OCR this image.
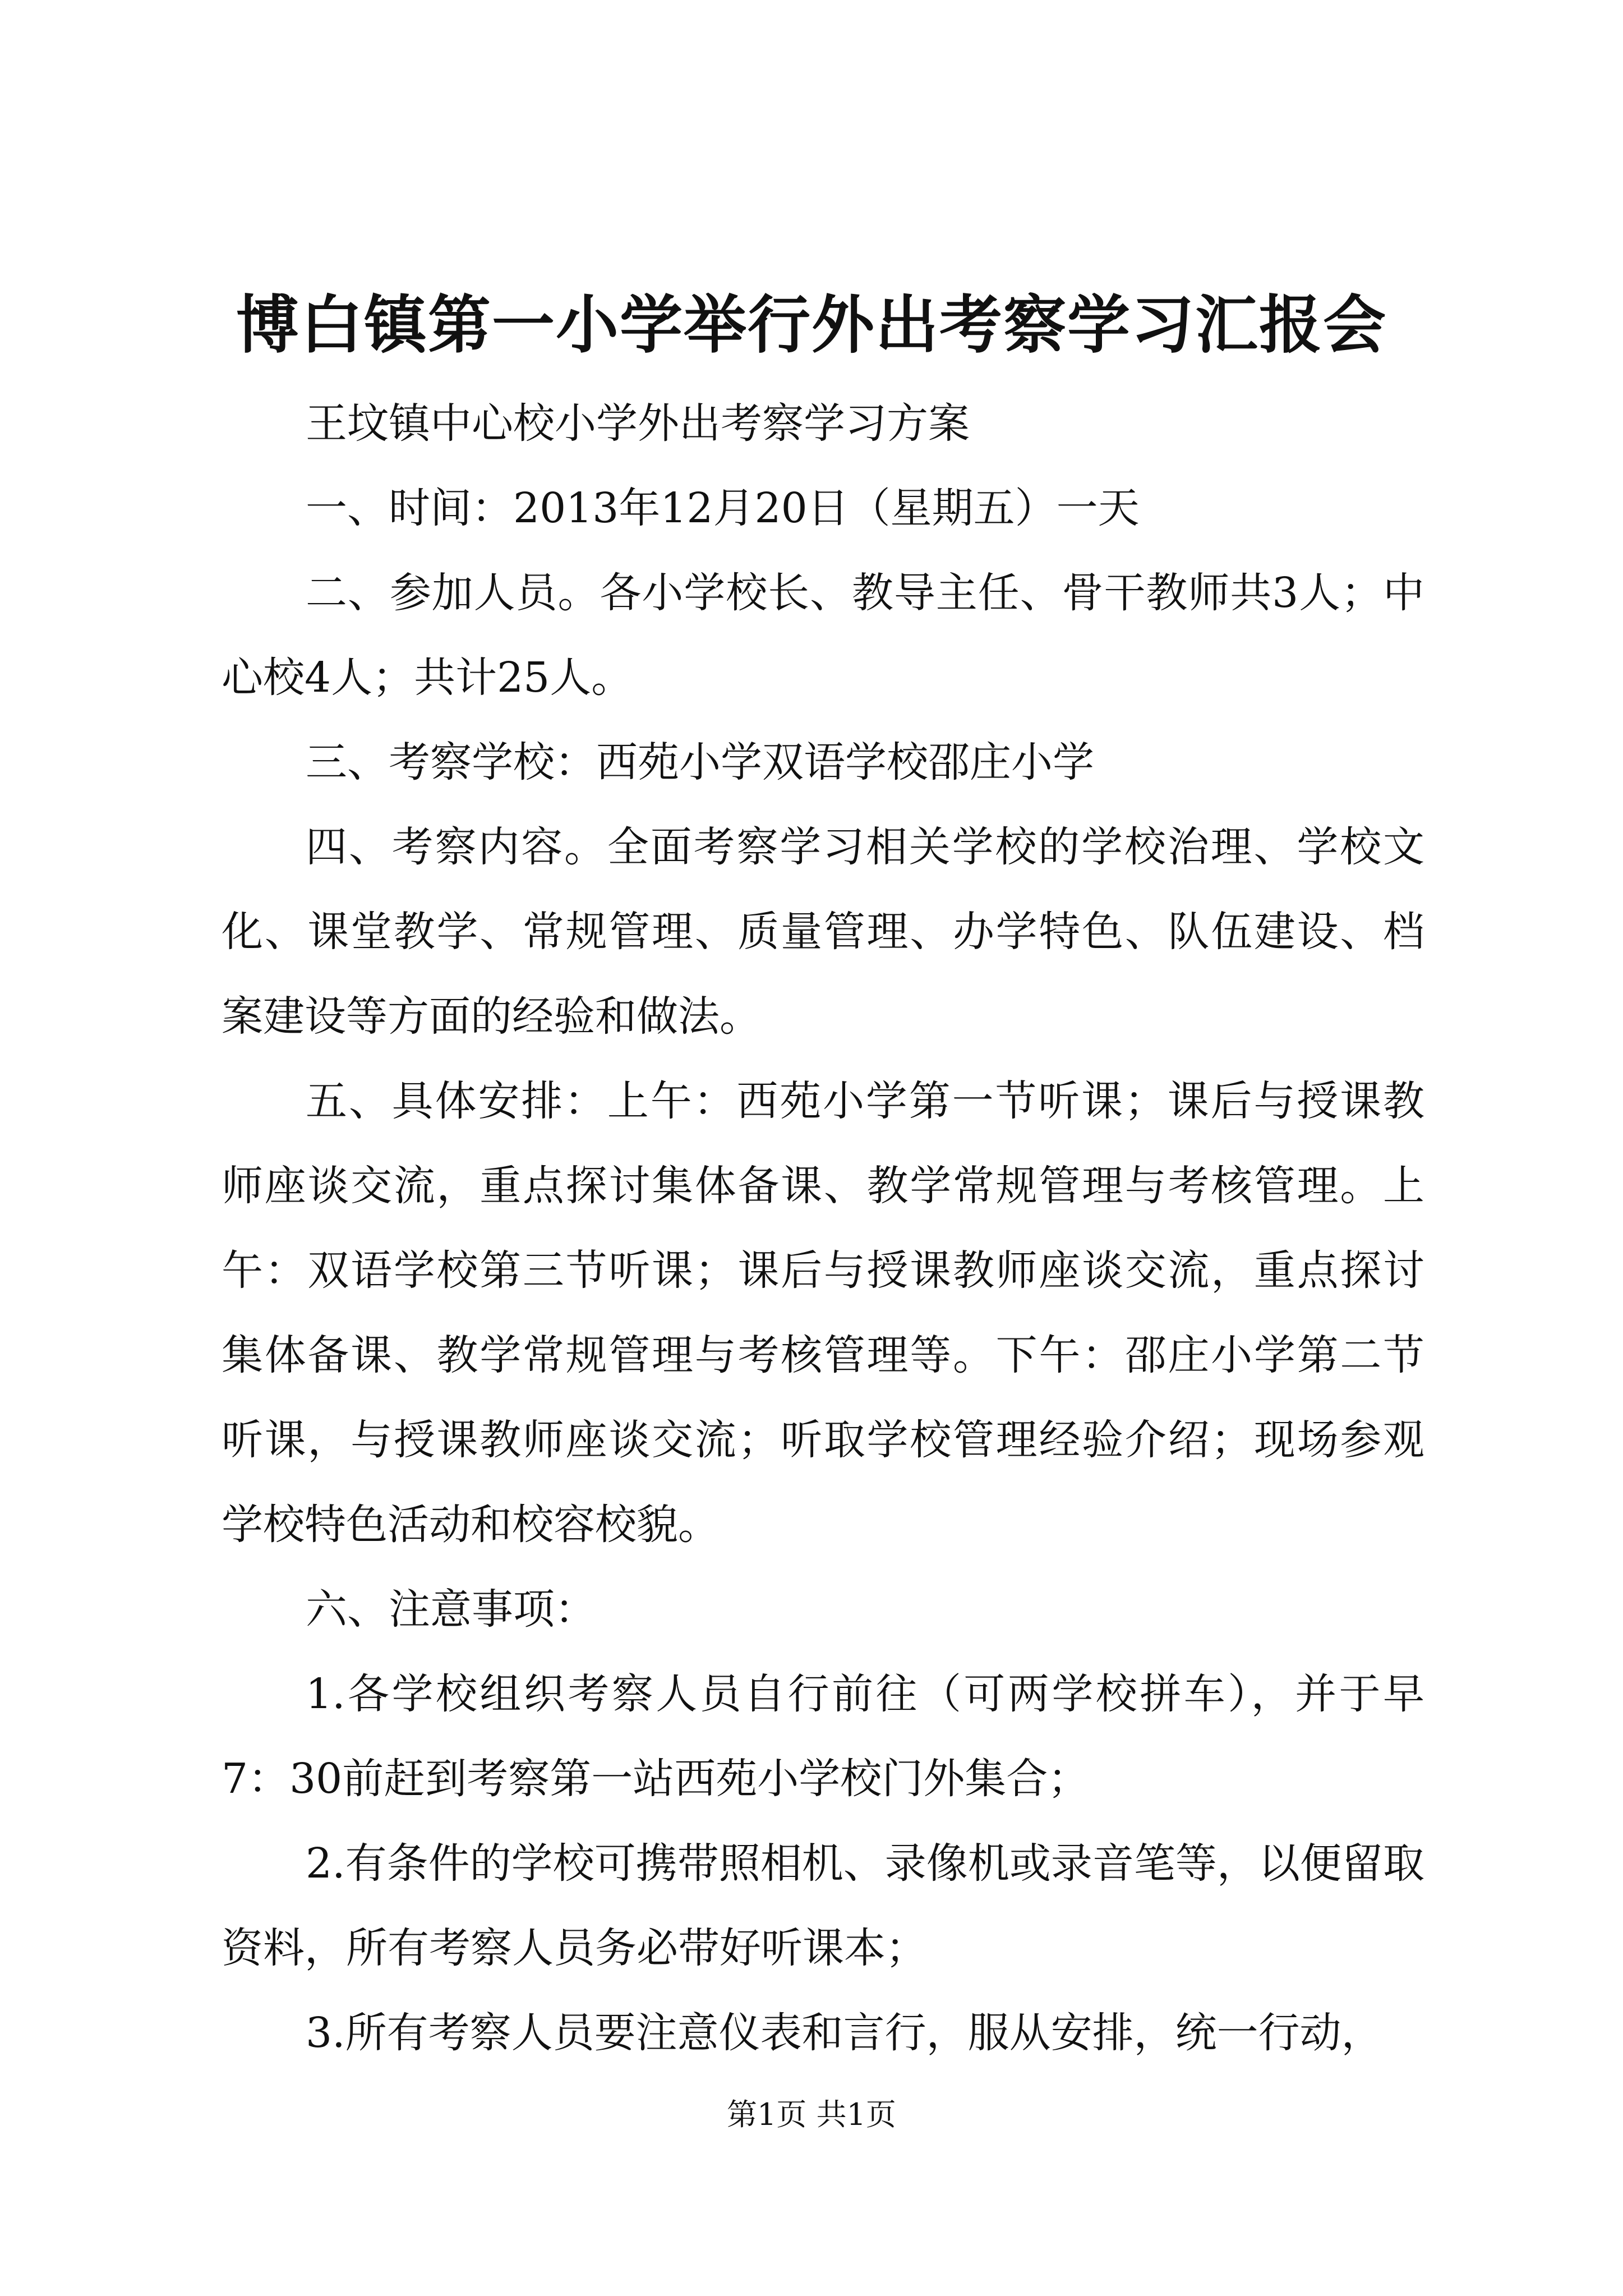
博白镇第一小学举行外出考察学习汇报会

王坟镇中心校小学外出考察学习方案

一、时间：2013年12月20日（星期五）一天

二、参加人员。各小学校长、教导主任、骨干教师共3人；中心校4人；共计25人。

三、考察学校：西苑小学双语学校邵庄小学

四、考察内容。全面考察学习相关学校的学校治理、学校文化、课堂教学、常规管理、质量管理、办学特色、队伍建设、档案建设等方面的经验和做法。

五、具体安排：上午：西苑小学第一节听课；课后与授课教师座谈交流，重点探讨集体备课、教学常规管理与考核管理。上午：双语学校第三节听课；课后与授课教师座谈交流，重点探讨集体备课、教学常规管理与考核管理等。下午：邵庄小学第二节听课，与授课教师座谈交流；听取学校管理经验介绍；现场参观学校特色活动和校容校貌。

六、注意事项：

1.各学校组织考察人员自行前往（可两学校拼车），并于早7：30前赶到考察第一站西苑小学校门外集合；

2.有条件的学校可携带照相机、录像机或录音笔等，以便留取资料，所有考察人员务必带好听课本；

3.所有考察人员要注意仪表和言行，服从安排，统一行动，

第1页 共1页
